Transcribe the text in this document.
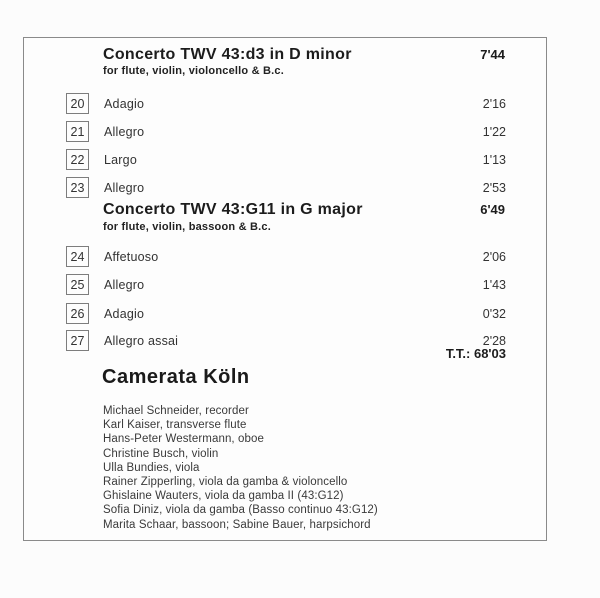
Concerto TWV 43:d3 in D minor	7'44
for flute, violin, violoncello & B.c.
20	Adagio	2'16
21	Allegro	1'22
22	Largo	1'13
23	Allegro	2'53
Concerto TWV 43:G11 in G major	6'49
for flute, violin, bassoon & B.c.
24	Affetuoso	2'06
25	Allegro	1'43
26	Adagio	0'32
27	Allegro assai	2'28
T.T.: 68'03
Camerata Köln
Michael Schneider, recorder
Karl Kaiser, transverse flute
Hans-Peter Westermann, oboe
Christine Busch, violin
Ulla Bundies, viola
Rainer Zipperling, viola da gamba & violoncello
Ghislaine Wauters, viola da gamba II (43:G12)
Sofia Diniz, viola da gamba (Basso continuo 43:G12)
Marita Schaar, bassoon; Sabine Bauer, harpsichord
